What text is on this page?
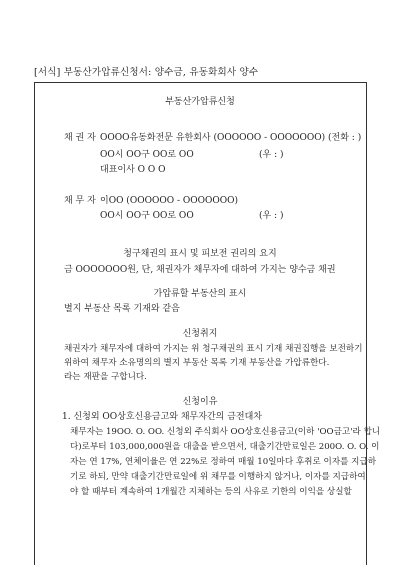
[서식] 부동산가압류신청서: 양수금, 유동화회사 양수
부동산가압류신청
채 권 자 OOOO유동화전문 유한회사 (OOOOOO - OOOOOOO) (전화 : )
OO시 OO구 OO로 OO	(우 : )
대표이사 O O O
채 무 자 이OO (OOOOOO - OOOOOOO)
OO시 OO구 OO로 OO	(우 : )
청구채권의 표시 및 피보전 권리의 요지
금 OOOOOOO원, 단, 채권자가 채무자에 대하여 가지는 양수금 채권
가압류할 부동산의 표시
별지 부동산 목록 기재와 같음
신청취지
채권자가 채무자에 대하여 가지는 위 청구채권의 표시 기재 채권집행을 보전하기
위하여 채무자 소유명의의 별지 부동산 목록 기재 부동산을 가압류한다.
라는 재판을 구합니다.
신청이유
1. 신청외 OO상호신용금고와 채무자간의 금전대차
채무자는 19OO. O. OO. 신청외 주식회사 OO상호신용금고(이하 'OO금고'라 합니
다)로부터 103,000,000원을 대출을 받으면서, 대출기간만료일은 200O. O. O. 이
자는 연 17%, 연체이율은 연 22%로 정하여 매월 10일마다 후취로 이자를 지급하
기로 하되, 만약 대출기간만료일에 위 채무를 이행하지 않거나, 이자를 지급하여
야 할 때부터 계속하여 1개월간 지체하는 등의 사유로 기한의 이익을 상실할
